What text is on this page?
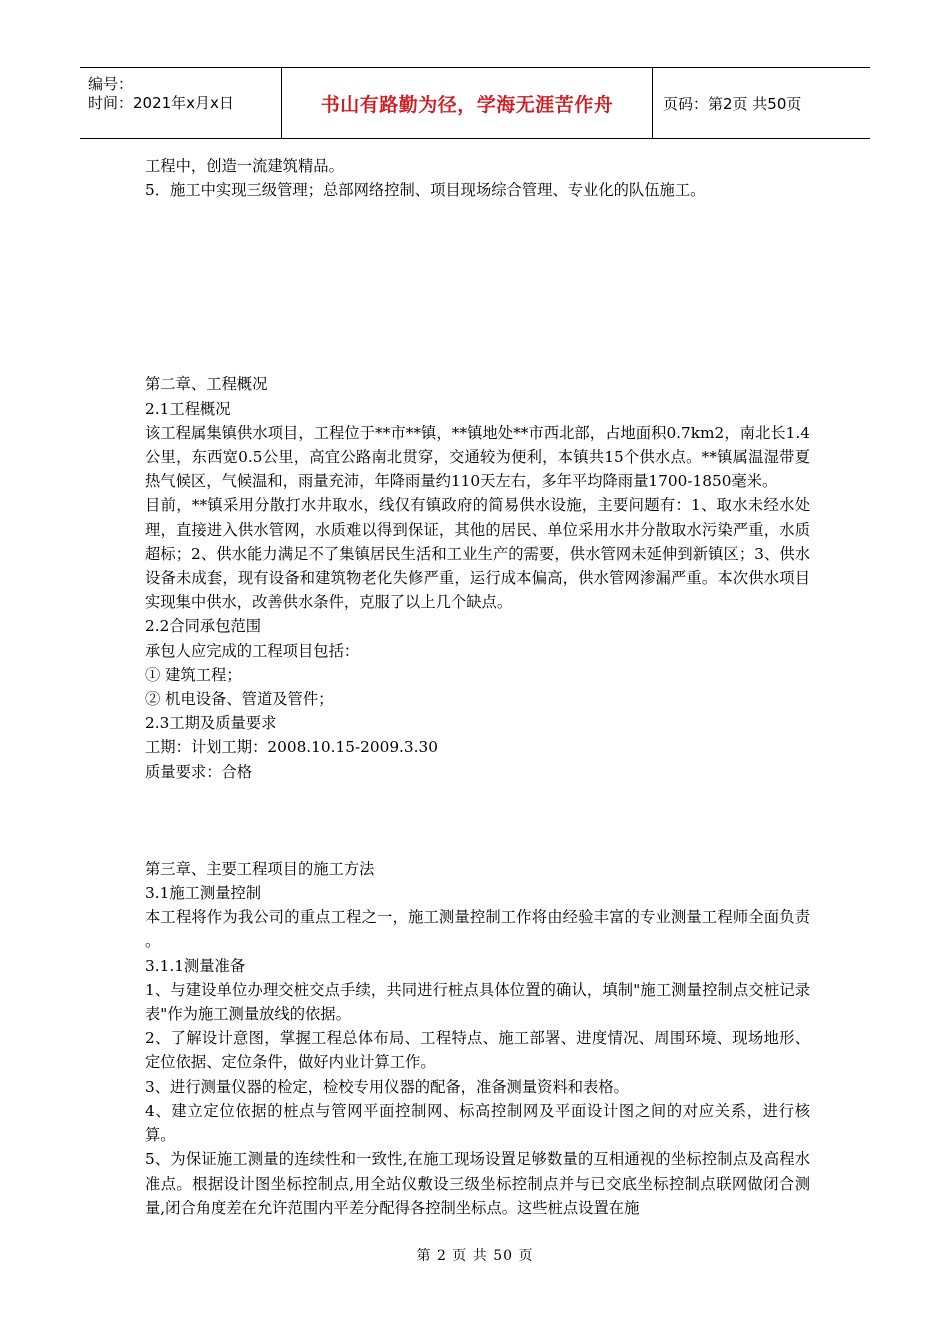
编号：
时间：2021年x月x日	书山有路勤为径，学海无涯苦作舟	页码：第2页 共50页

工程中，创造一流建筑精品。

5．施工中实现三级管理；总部网络控制、项目现场综合管理、专业化的队伍施工。

第二章、工程概况

2.1工程概况

该工程属集镇供水项目，工程位于**市**镇，**镇地处**市西北部，占地面积0.7km2，南北长1.4公里，东西宽0.5公里，高宜公路南北贯穿，交通较为便利，本镇共15个供水点。**镇属温湿带夏热气候区，气候温和，雨量充沛，年降雨量约110天左右，多年平均降雨量1700-1850毫米。

目前，**镇采用分散打水井取水，线仅有镇政府的简易供水设施，主要问题有：1、取水未经水处理，直接进入供水管网，水质难以得到保证，其他的居民、单位采用水井分散取水污染严重，水质超标；2、供水能力满足不了集镇居民生活和工业生产的需要，供水管网未延伸到新镇区；3、供水设备未成套，现有设备和建筑物老化失修严重，运行成本偏高，供水管网渗漏严重。本次供水项目实现集中供水，改善供水条件，克服了以上几个缺点。

2.2合同承包范围

承包人应完成的工程项目包括：

① 建筑工程；

② 机电设备、管道及管件；

2.3工期及质量要求

工期：计划工期：2008.10.15-2009.3.30

质量要求：合格

第三章、主要工程项目的施工方法

3.1施工测量控制

本工程将作为我公司的重点工程之一，施工测量控制工作将由经验丰富的专业测量工程师全面负责 。

3.1.1测量准备

1、与建设单位办理交桩交点手续，共同进行桩点具体位置的确认，填制"施工测量控制点交桩记录表"作为施工测量放线的依据。

2、了解设计意图，掌握工程总体布局、工程特点、施工部署、进度情况、周围环境、现场地形、定位依据、定位条件，做好内业计算工作。

3、进行测量仪器的检定，检校专用仪器的配备，准备测量资料和表格。

4、建立定位依据的桩点与管网平面控制网、标高控制网及平面设计图之间的对应关系，进行核算。

5、为保证施工测量的连续性和一致性,在施工现场设置足够数量的互相通视的坐标控制点及高程水准点。根据设计图坐标控制点,用全站仪敷设三级坐标控制点并与已交底坐标控制点联网做闭合测量,闭合角度差在允许范围内平差分配得各控制坐标点。这些桩点设置在施

第 2 页 共 50 页
